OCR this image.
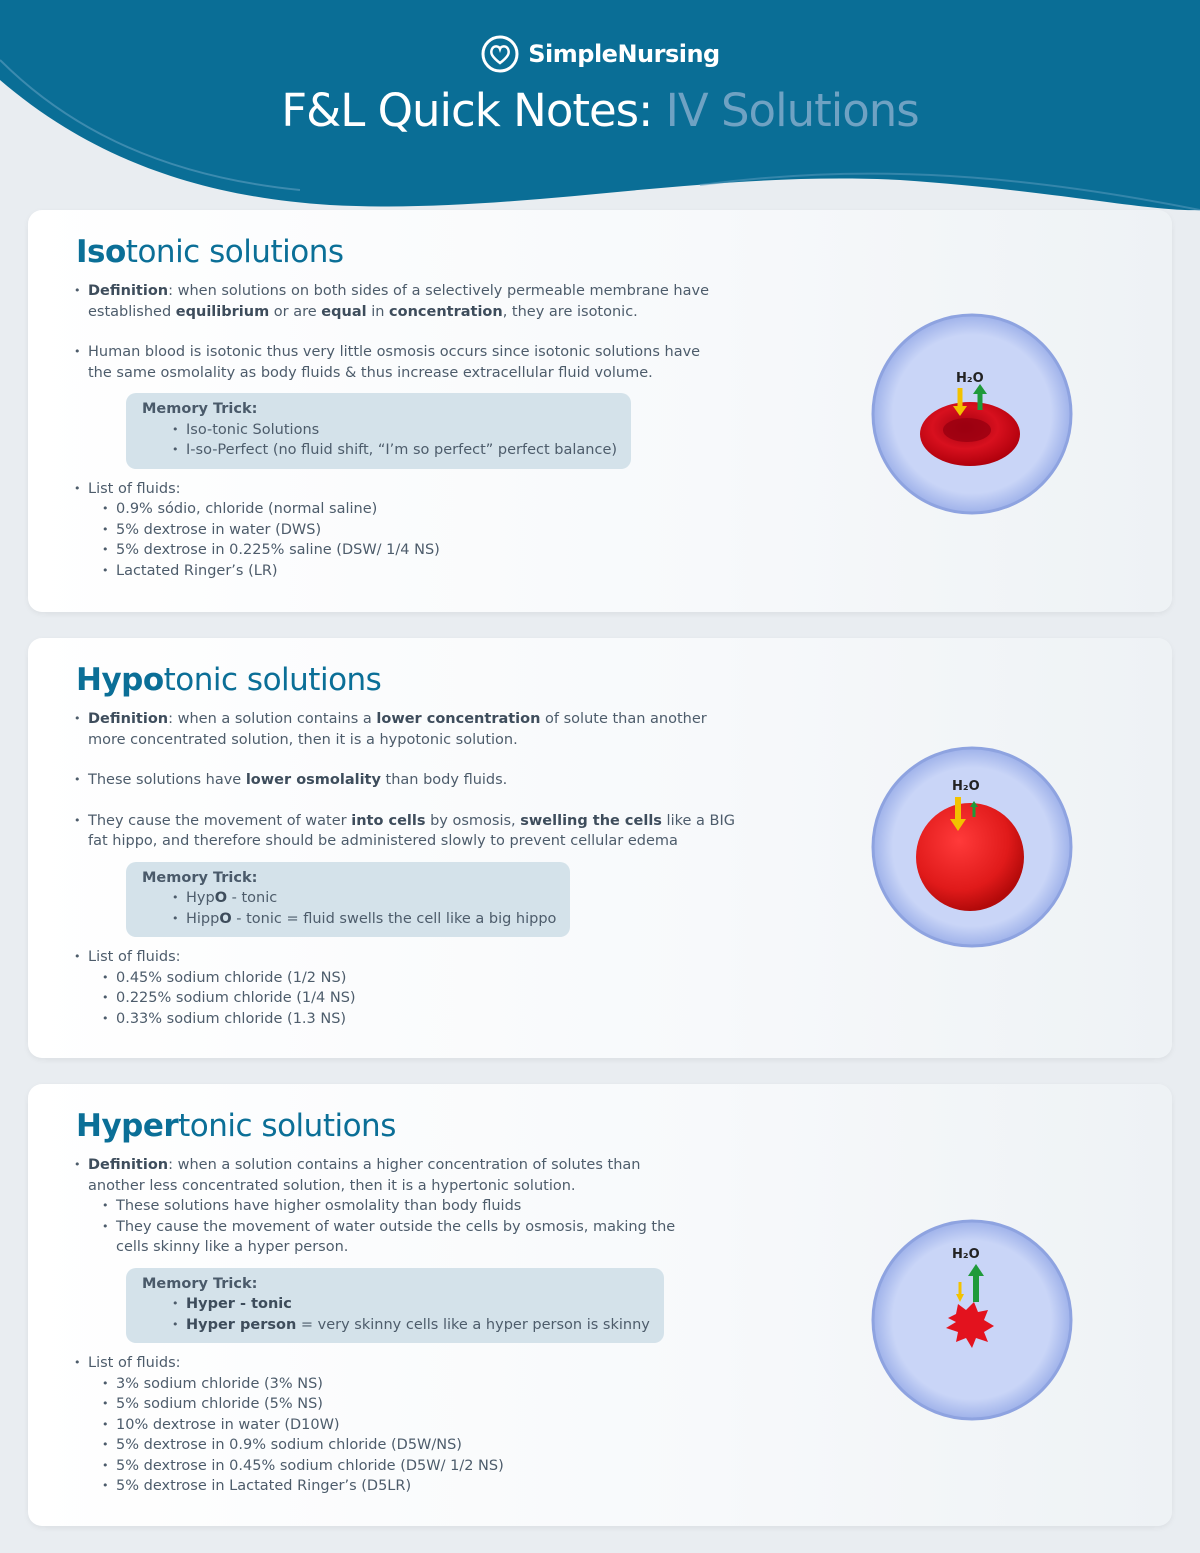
SimpleNursing
F&L Quick Notes: IV Solutions
Isotonic solutions

• Definition: when solutions on both sides of a selectively permeable membrane have
established equilibrium or are equal in concentration, they are isotonic.

• Human blood is isotonic thus very little osmosis occurs since isotonic solutions have
the same osmolality as body fluids & thus increase extracellular fluid volume.

Memory Trick:

• Iso-tonic Solutions

• I-so-Perfect (no fluid shift, “I’m so perfect” perfect balance)

• List of fluids:

• 0.9% sódio, chloride (normal saline)

• 5% dextrose in water (DWS)

• 5% dextrose in 0.225% saline (DSW/ 1/4 NS)

• Lactated Ringer’s (LR)

H₂O
Hypotonic solutions

• Definition: when a solution contains a lower concentration of solute than another
more concentrated solution, then it is a hypotonic solution.

• These solutions have lower osmolality than body fluids.

• They cause the movement of water into cells by osmosis, swelling the cells like a BIG
fat hippo, and therefore should be administered slowly to prevent cellular edema

Memory Trick:

• HypO - tonic

• HippO - tonic = fluid swells the cell like a big hippo

• List of fluids:

• 0.45% sodium chloride (1/2 NS)

• 0.225% sodium chloride (1/4 NS)

• 0.33% sodium chloride (1.3 NS)

H₂O
Hypertonic solutions

• Definition: when a solution contains a higher concentration of solutes than
another less concentrated solution, then it is a hypertonic solution.

• These solutions have higher osmolality than body fluids

• They cause the movement of water outside the cells by osmosis, making the
cells skinny like a hyper person.

Memory Trick:

• Hyper - tonic

• Hyper person = very skinny cells like a hyper person is skinny

• List of fluids:

• 3% sodium chloride (3% NS)

• 5% sodium chloride (5% NS)

• 10% dextrose in water (D10W)

• 5% dextrose in 0.9% sodium chloride (D5W/NS)

• 5% dextrose in 0.45% sodium chloride (D5W/ 1/2 NS)

• 5% dextrose in Lactated Ringer’s (D5LR)

H₂O
